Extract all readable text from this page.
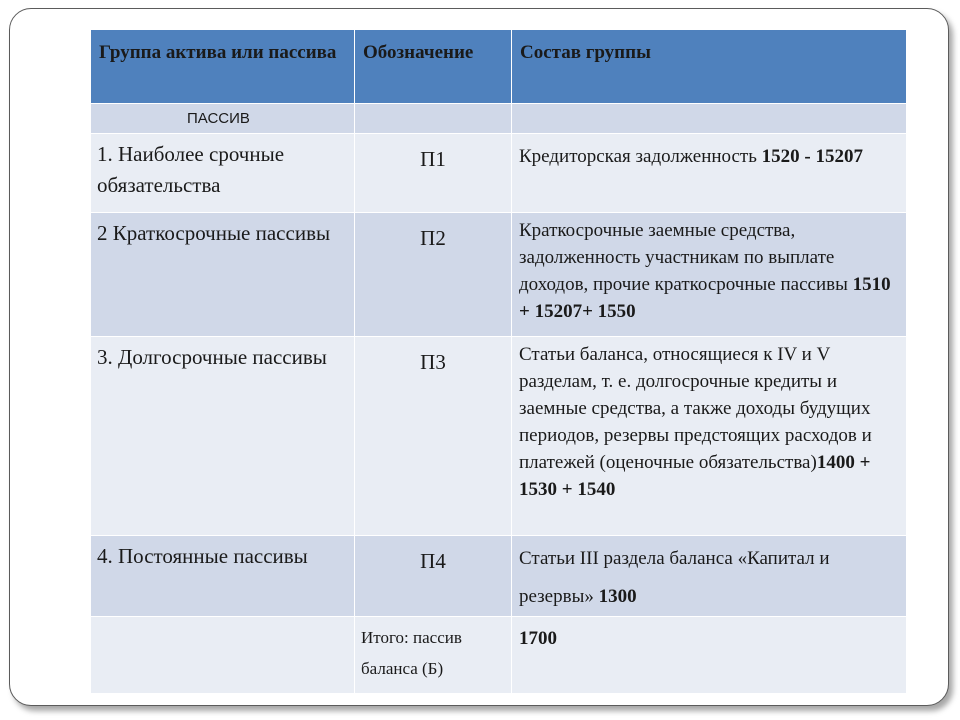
Группа актива или пассива	Обозначение	Состав группы

ПАССИВ		

1. Наиболее срочные обязательства	П1	Кредиторская задолженность 1520 - 15207

2 Краткосрочные пассивы	П2	Краткосрочные заемные средства, задолженность участникам по выплате доходов, прочие краткосрочные пассивы 1510 + 15207+ 1550

3. Долгосрочные пассивы	П3	Статьи баланса, относящиеся к IV и V разделам, т. е. долгосрочные кредиты и заемные средства, а также доходы будущих периодов, резервы предстоящих расходов и платежей (оценочные обязательства)1400 + 1530 + 1540

4. Постоянные пассивы	П4	Статьи III раздела баланса «Капитал и резервы» 1300

	Итого: пассив баланса (Б)	1700
